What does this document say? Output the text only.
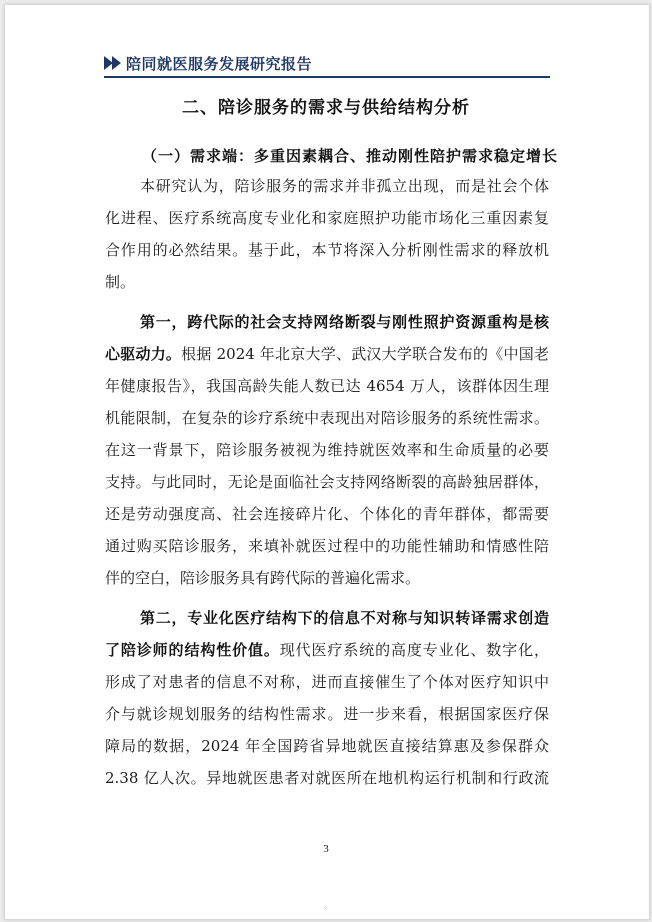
陪同就医服务发展研究报告
二、陪诊服务的需求与供给结构分析
（一）需求端：多重因素耦合、推动刚性陪护需求稳定增长
本研究认为，陪诊服务的需求并非孤立出现，而是社会个体
化进程、医疗系统高度专业化和家庭照护功能市场化三重因素复
合作用的必然结果。基于此，本节将深入分析刚性需求的释放机
制。
第一，跨代际的社会支持网络断裂与刚性照护资源重构是核
心驱动力。根据 2024 年北京大学、武汉大学联合发布的《中国老
年健康报告》，我国高龄失能人数已达 4654 万人，该群体因生理
机能限制，在复杂的诊疗系统中表现出对陪诊服务的系统性需求。
在这一背景下，陪诊服务被视为维持就医效率和生命质量的必要
支持。与此同时，无论是面临社会支持网络断裂的高龄独居群体，
还是劳动强度高、社会连接碎片化、个体化的青年群体，都需要
通过购买陪诊服务，来填补就医过程中的功能性辅助和情感性陪
伴的空白，陪诊服务具有跨代际的普遍化需求。
第二，专业化医疗结构下的信息不对称与知识转译需求创造
了陪诊师的结构性价值。现代医疗系统的高度专业化、数字化，
形成了对患者的信息不对称，进而直接催生了个体对医疗知识中
介与就诊规划服务的结构性需求。进一步来看，根据国家医疗保
障局的数据，2024 年全国跨省异地就医直接结算惠及参保群众
2.38 亿人次。异地就医患者对就医所在地机构运行机制和行政流
3
◦
